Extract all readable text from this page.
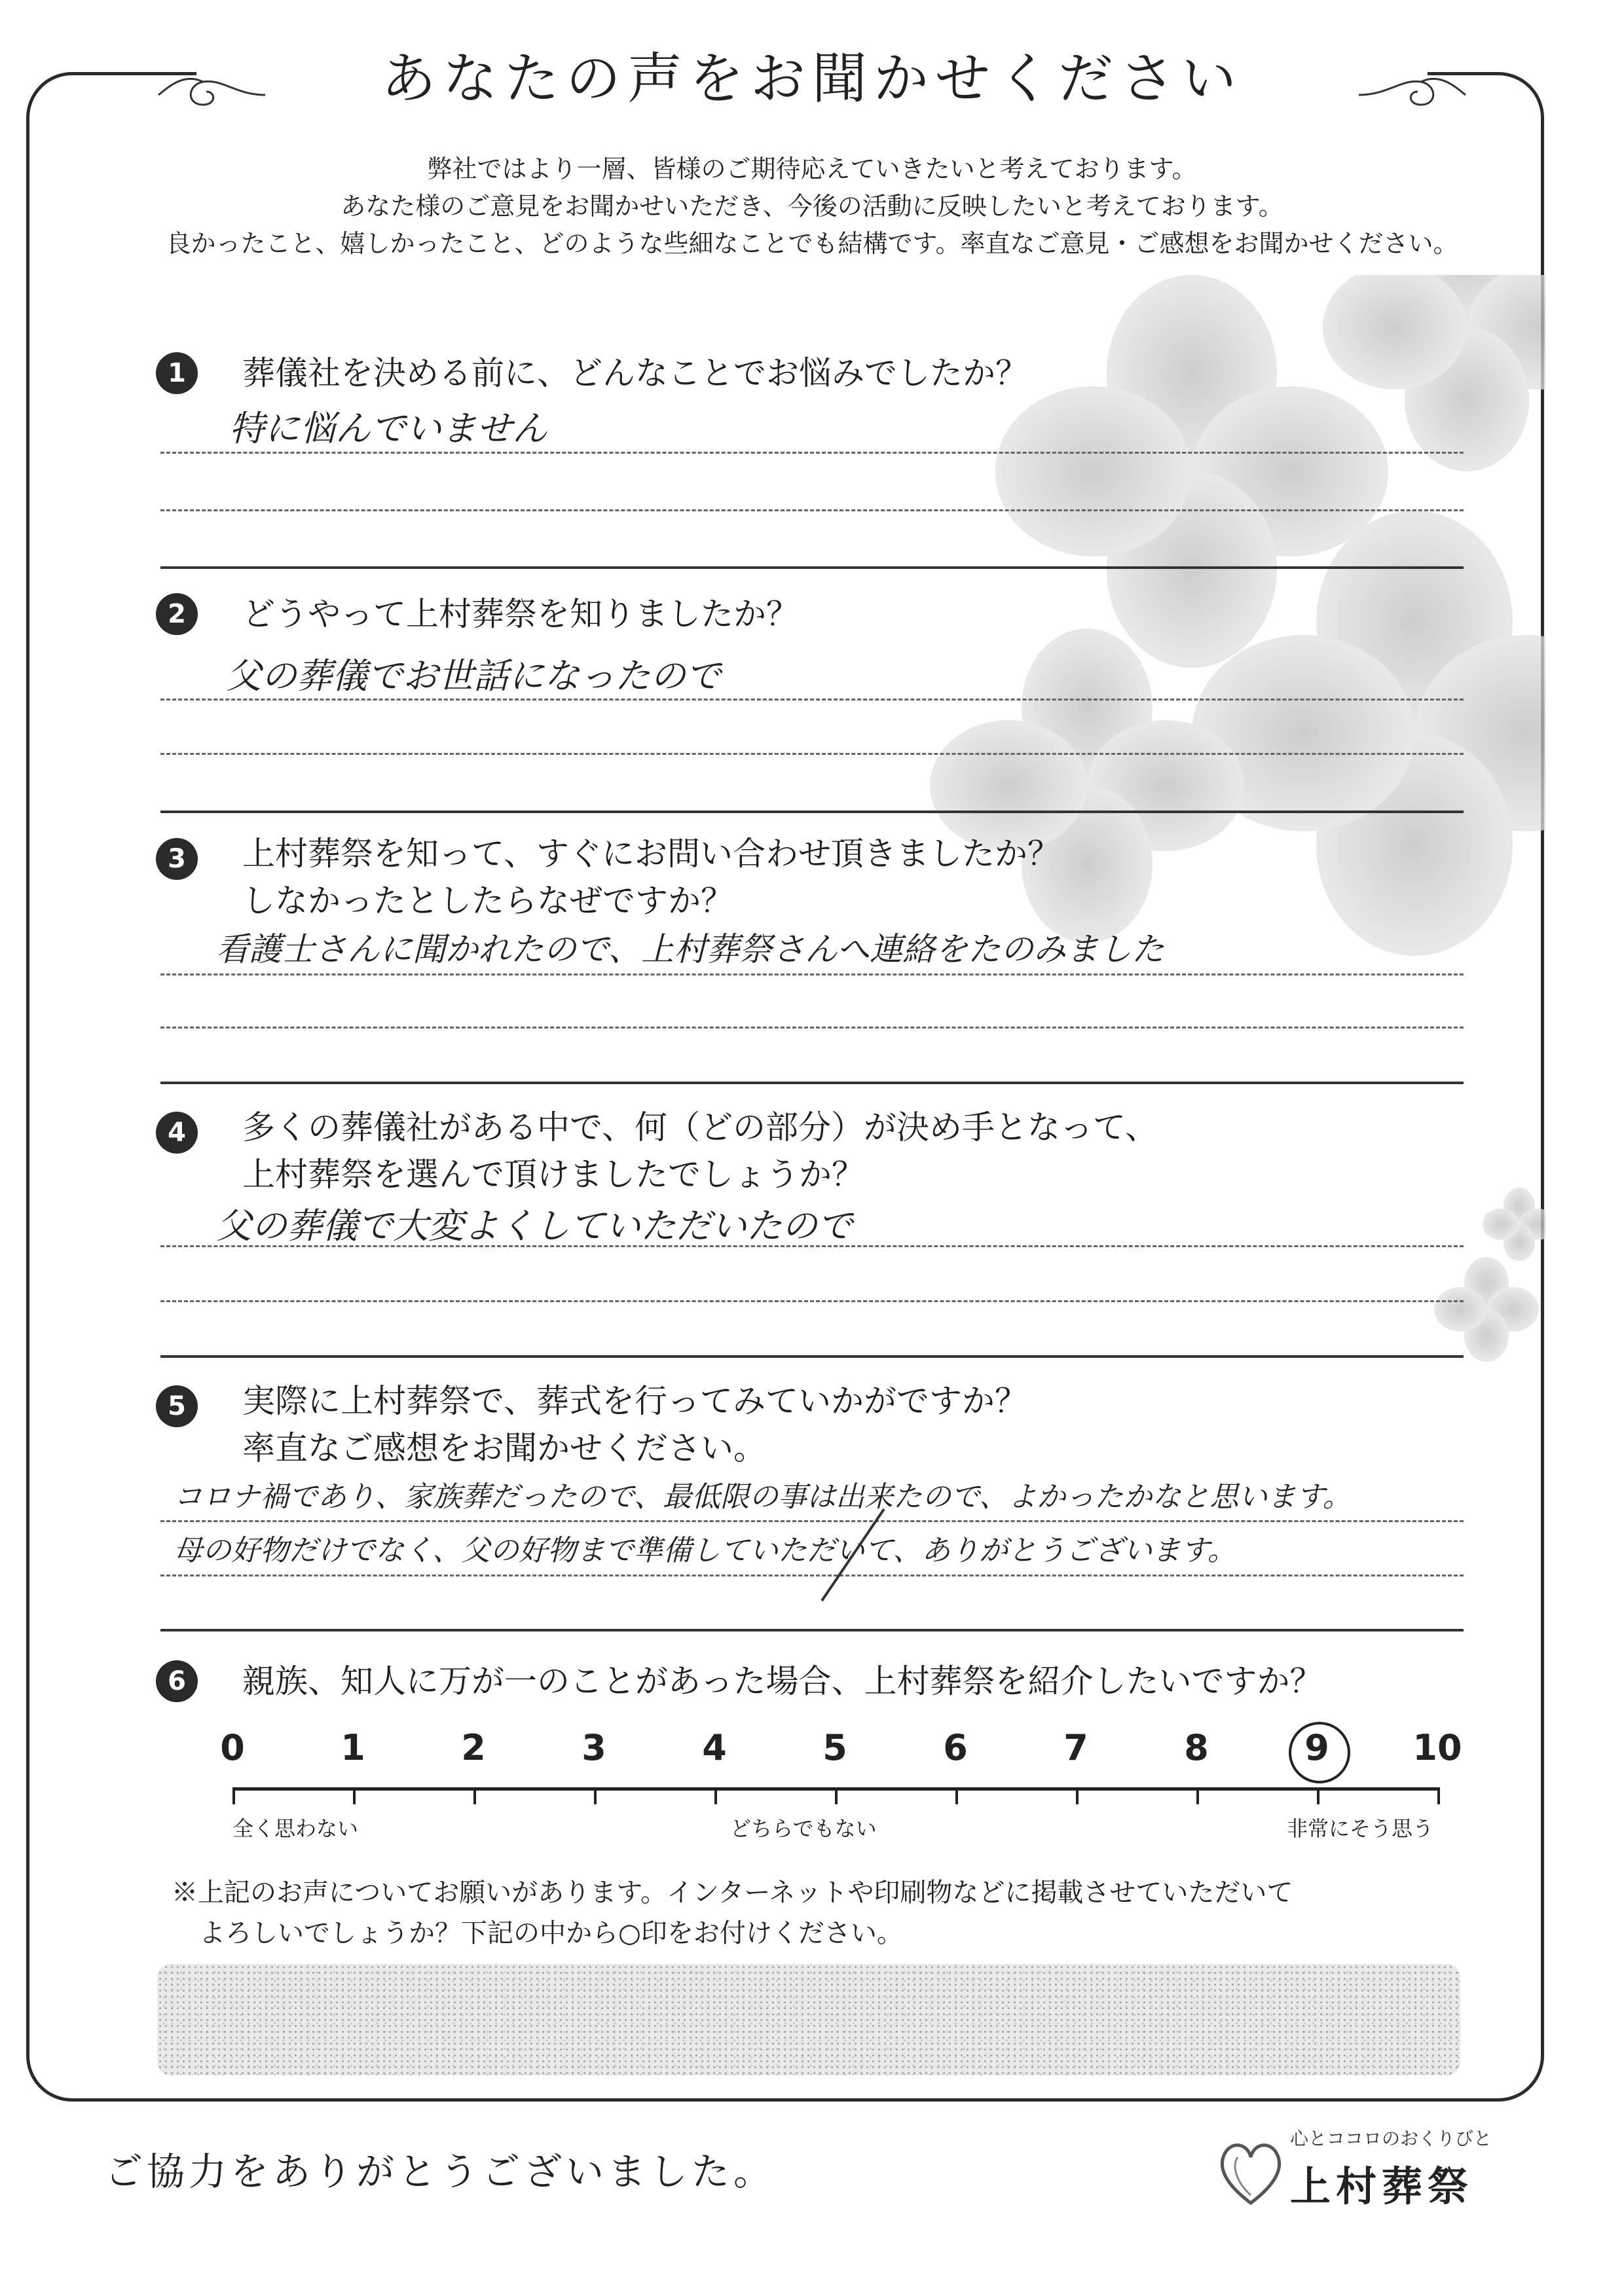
あなたの声をお聞かせください
弊社ではより一層、皆様のご期待応えていきたいと考えております。
あなた様のご意見をお聞かせいただき、今後の活動に反映したいと考えております。
良かったこと、嬉しかったこと、どのような些細なことでも結構です。率直なご意見・ご感想をお聞かせください。
1	葬儀社を決める前に、どんなことでお悩みでしたか？
特に悩んでいません
2	どうやって上村葬祭を知りましたか？
父の葬儀でお世話になったので
3	上村葬祭を知って、すぐにお問い合わせ頂きましたか？
しなかったとしたらなぜですか？
看護士さんに聞かれたので、上村葬祭さんへ連絡をたのみました
4	多くの葬儀社がある中で、何（どの部分）が決め手となって、
上村葬祭を選んで頂けましたでしょうか？
父の葬儀で大変よくしていただいたので
5	実際に上村葬祭で、葬式を行ってみていかがですか？
率直なご感想をお聞かせください。
コロナ禍であり、家族葬だったので、最低限の事は出来たので、よかったかなと思います。
母の好物だけでなく、父の好物まで準備していただいて、ありがとうございます。
6	親族、知人に万が一のことがあった場合、上村葬祭を紹介したいですか？
全く思わない	どちらでもない	非常にそう思う
0	1	2	3	4	5	6	7	8	9	10
※上記のお声についてお願いがあります。インターネットや印刷物などに掲載させていただいて
よろしいでしょうか？下記の中から○印をお付けください。
ご協力をありがとうございました。
心とココロのおくりびと
上村葬祭
